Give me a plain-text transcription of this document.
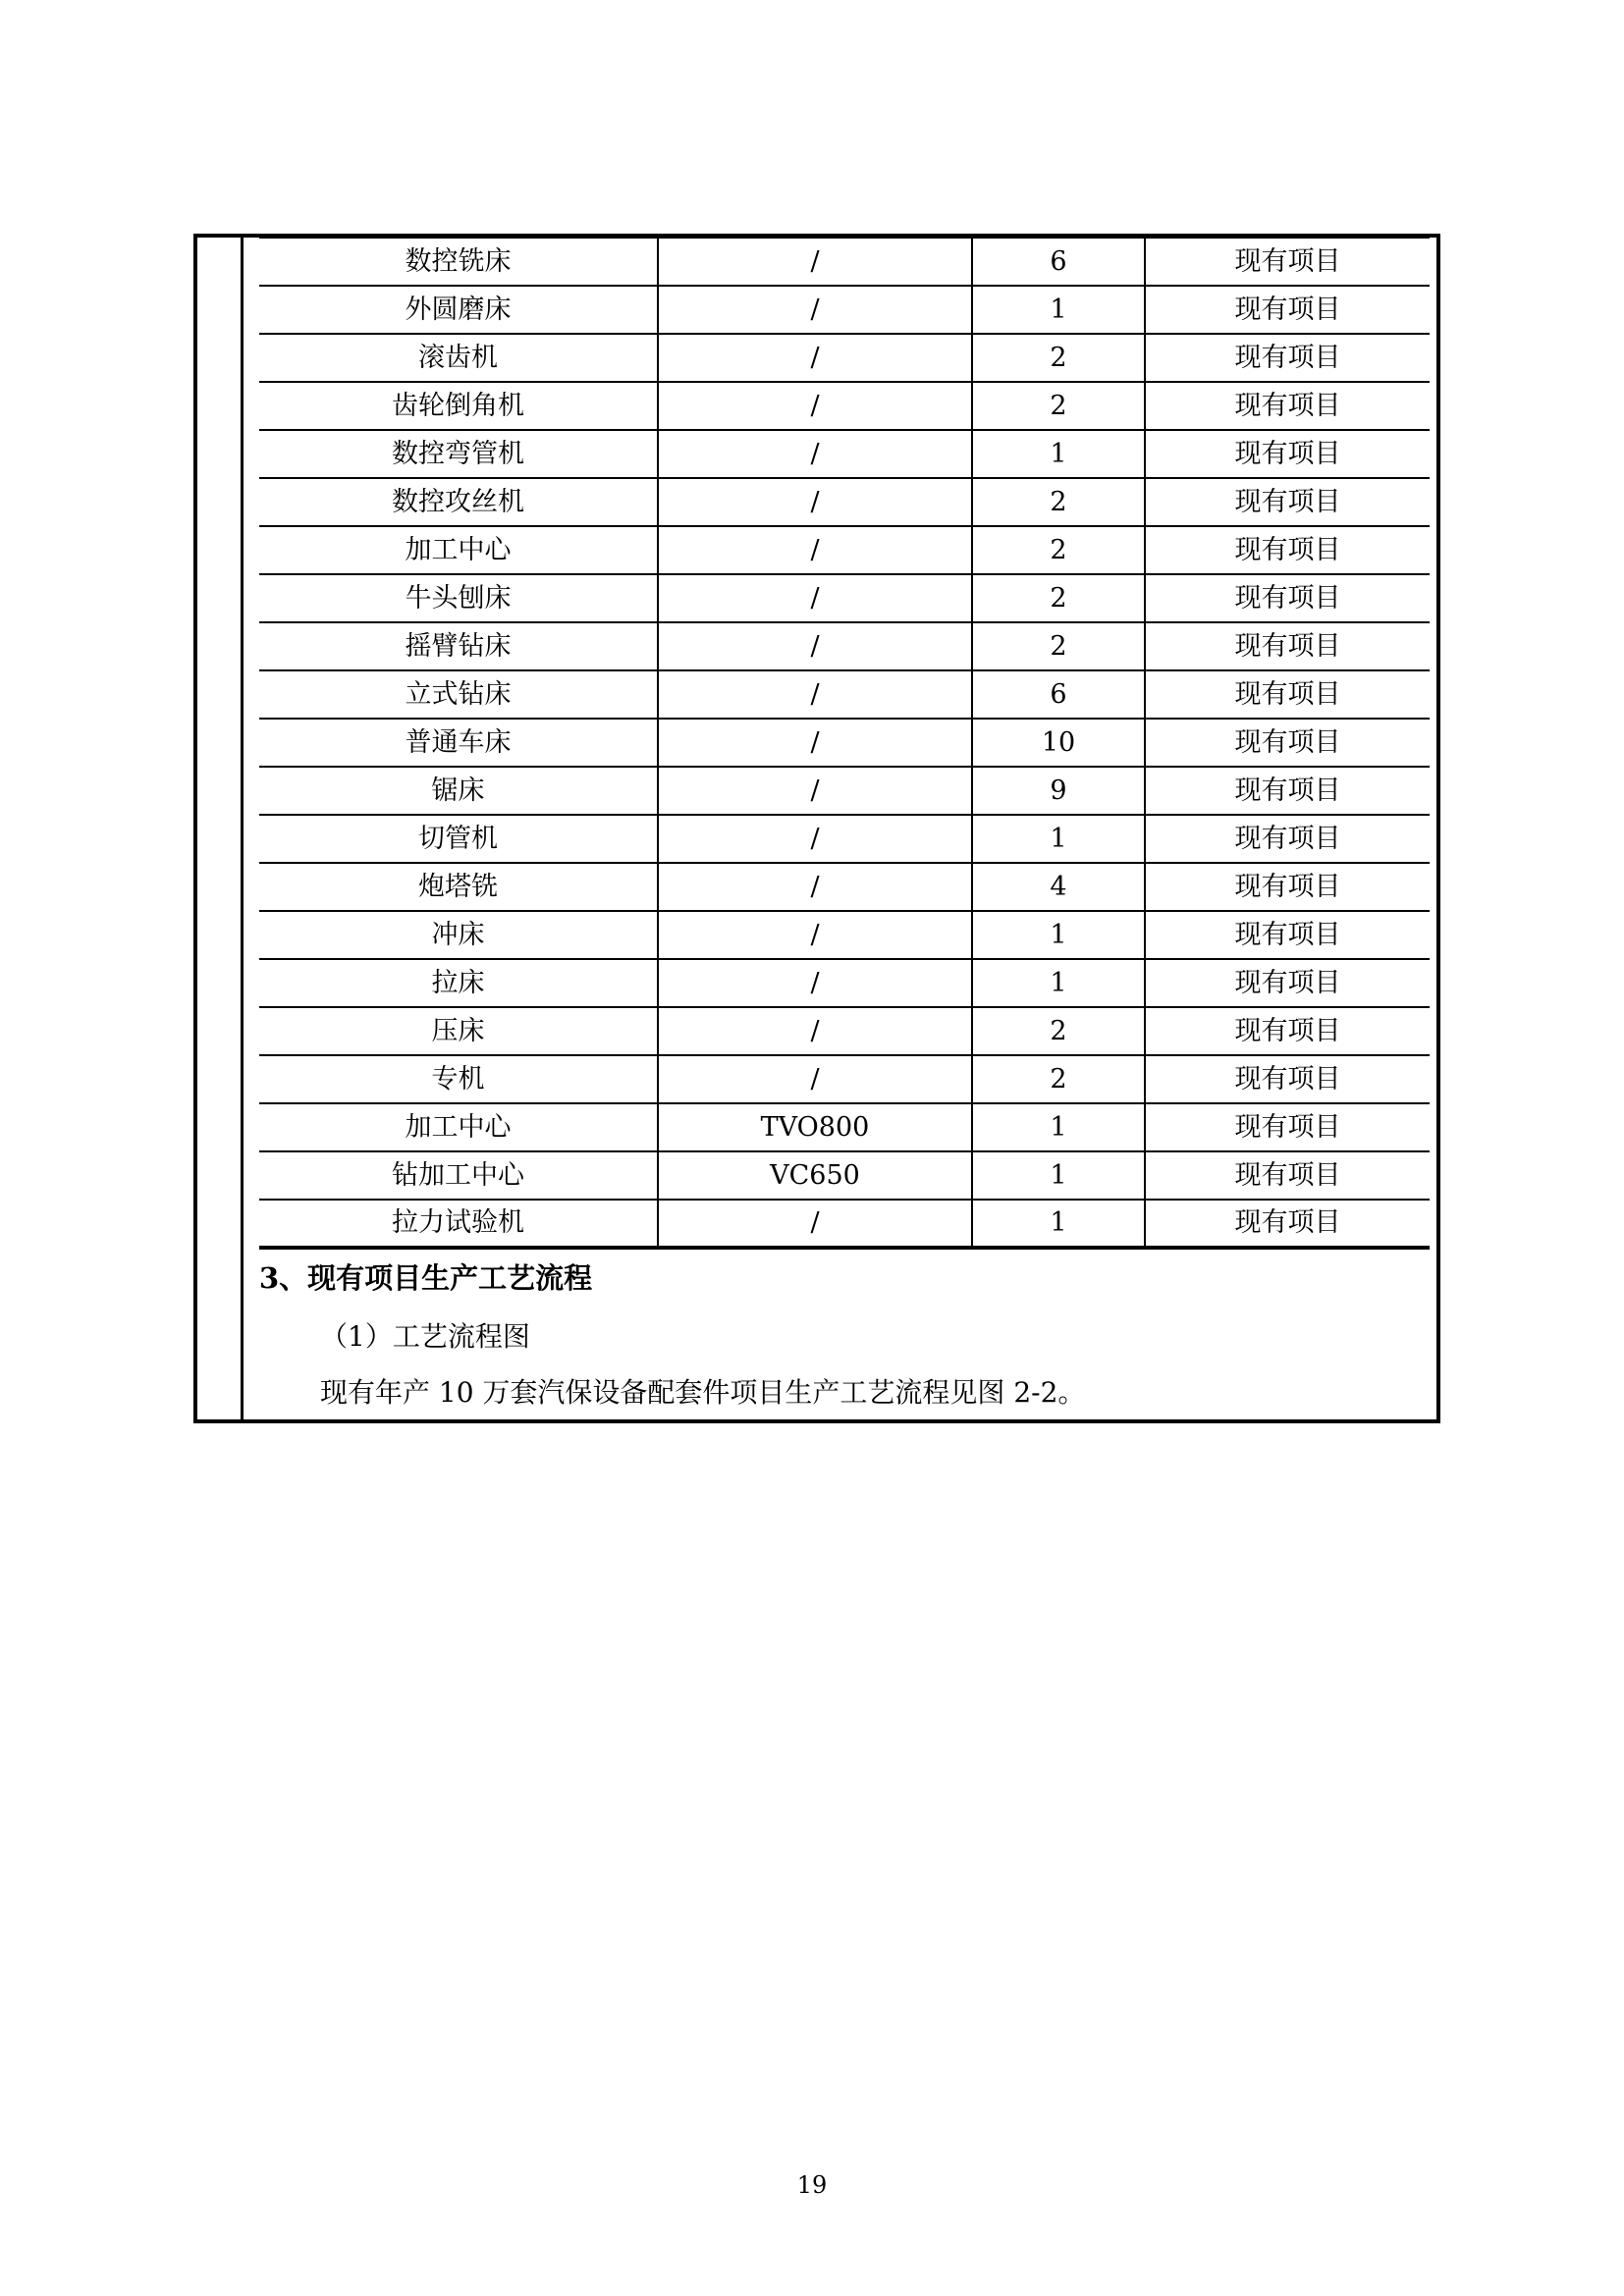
数控铣床	/	6	现有项目
外圆磨床	/	1	现有项目
滚齿机	/	2	现有项目
齿轮倒角机	/	2	现有项目
数控弯管机	/	1	现有项目
数控攻丝机	/	2	现有项目
加工中心	/	2	现有项目
牛头刨床	/	2	现有项目
摇臂钻床	/	2	现有项目
立式钻床	/	6	现有项目
普通车床	/	10	现有项目
锯床	/	9	现有项目
切管机	/	1	现有项目
炮塔铣	/	4	现有项目
冲床	/	1	现有项目
拉床	/	1	现有项目
压床	/	2	现有项目
专机	/	2	现有项目
加工中心	TVO800	1	现有项目
钻加工中心	VC650	1	现有项目
拉力试验机	/	1	现有项目
3、现有项目生产工艺流程
（1）工艺流程图
现有年产 10 万套汽保设备配套件项目生产工艺流程见图 2-2。
19
